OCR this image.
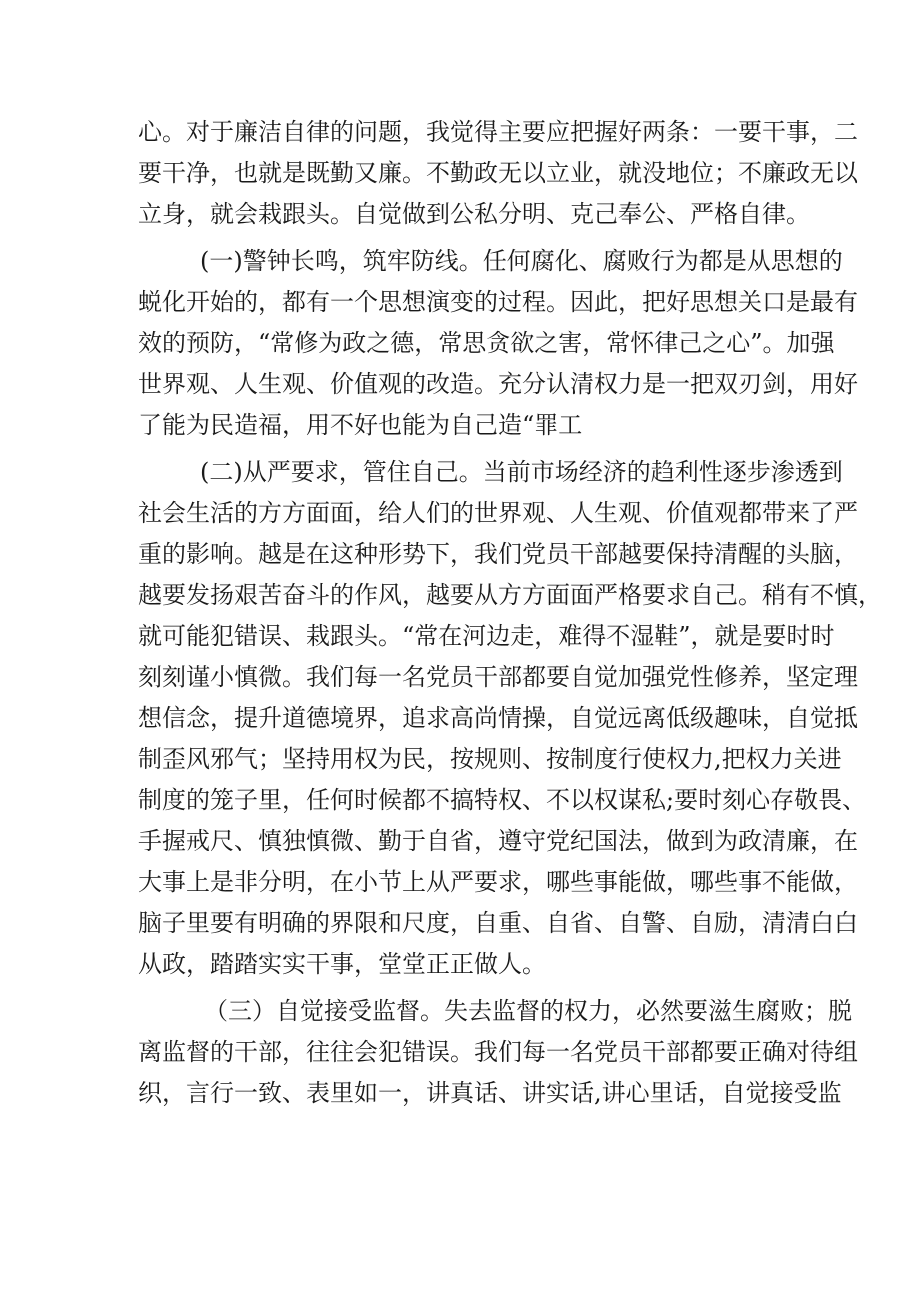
心。对于廉洁自律的问题，我觉得主要应把握好两条：一要干事，二
要干净，也就是既勤又廉。不勤政无以立业，就没地位；不廉政无以
立身，就会栽跟头。自觉做到公私分明、克己奉公、严格自律。
(一)警钟长鸣，筑牢防线。任何腐化、腐败行为都是从思想的
蜕化开始的，都有一个思想演变的过程。因此，把好思想关口是最有
效的预防，“常修为政之德，常思贪欲之害，常怀律己之心”。加强
世界观、人生观、价值观的改造。充分认清权力是一把双刃剑，用好
了能为民造福，用不好也能为自己造“罪工
(二)从严要求，管住自己。当前市场经济的趋利性逐步渗透到
社会生活的方方面面，给人们的世界观、人生观、价值观都带来了严
重的影响。越是在这种形势下，我们党员干部越要保持清醒的头脑，
越要发扬艰苦奋斗的作风，越要从方方面面严格要求自己。稍有不慎，
就可能犯错误、栽跟头。“常在河边走，难得不湿鞋”，就是要时时
刻刻谨小慎微。我们每一名党员干部都要自觉加强党性修养，坚定理
想信念，提升道德境界，追求高尚情操，自觉远离低级趣味，自觉抵
制歪风邪气；坚持用权为民，按规则、按制度行使权力,把权力关进
制度的笼子里，任何时候都不搞特权、不以权谋私;要时刻心存敬畏、
手握戒尺、慎独慎微、勤于自省，遵守党纪国法，做到为政清廉，在
大事上是非分明，在小节上从严要求，哪些事能做，哪些事不能做，
脑子里要有明确的界限和尺度，自重、自省、自警、自励，清清白白
从政，踏踏实实干事，堂堂正正做人。
（三）自觉接受监督。失去监督的权力，必然要滋生腐败；脱
离监督的干部，往往会犯错误。我们每一名党员干部都要正确对待组
织，言行一致、表里如一，讲真话、讲实话,讲心里话，自觉接受监
